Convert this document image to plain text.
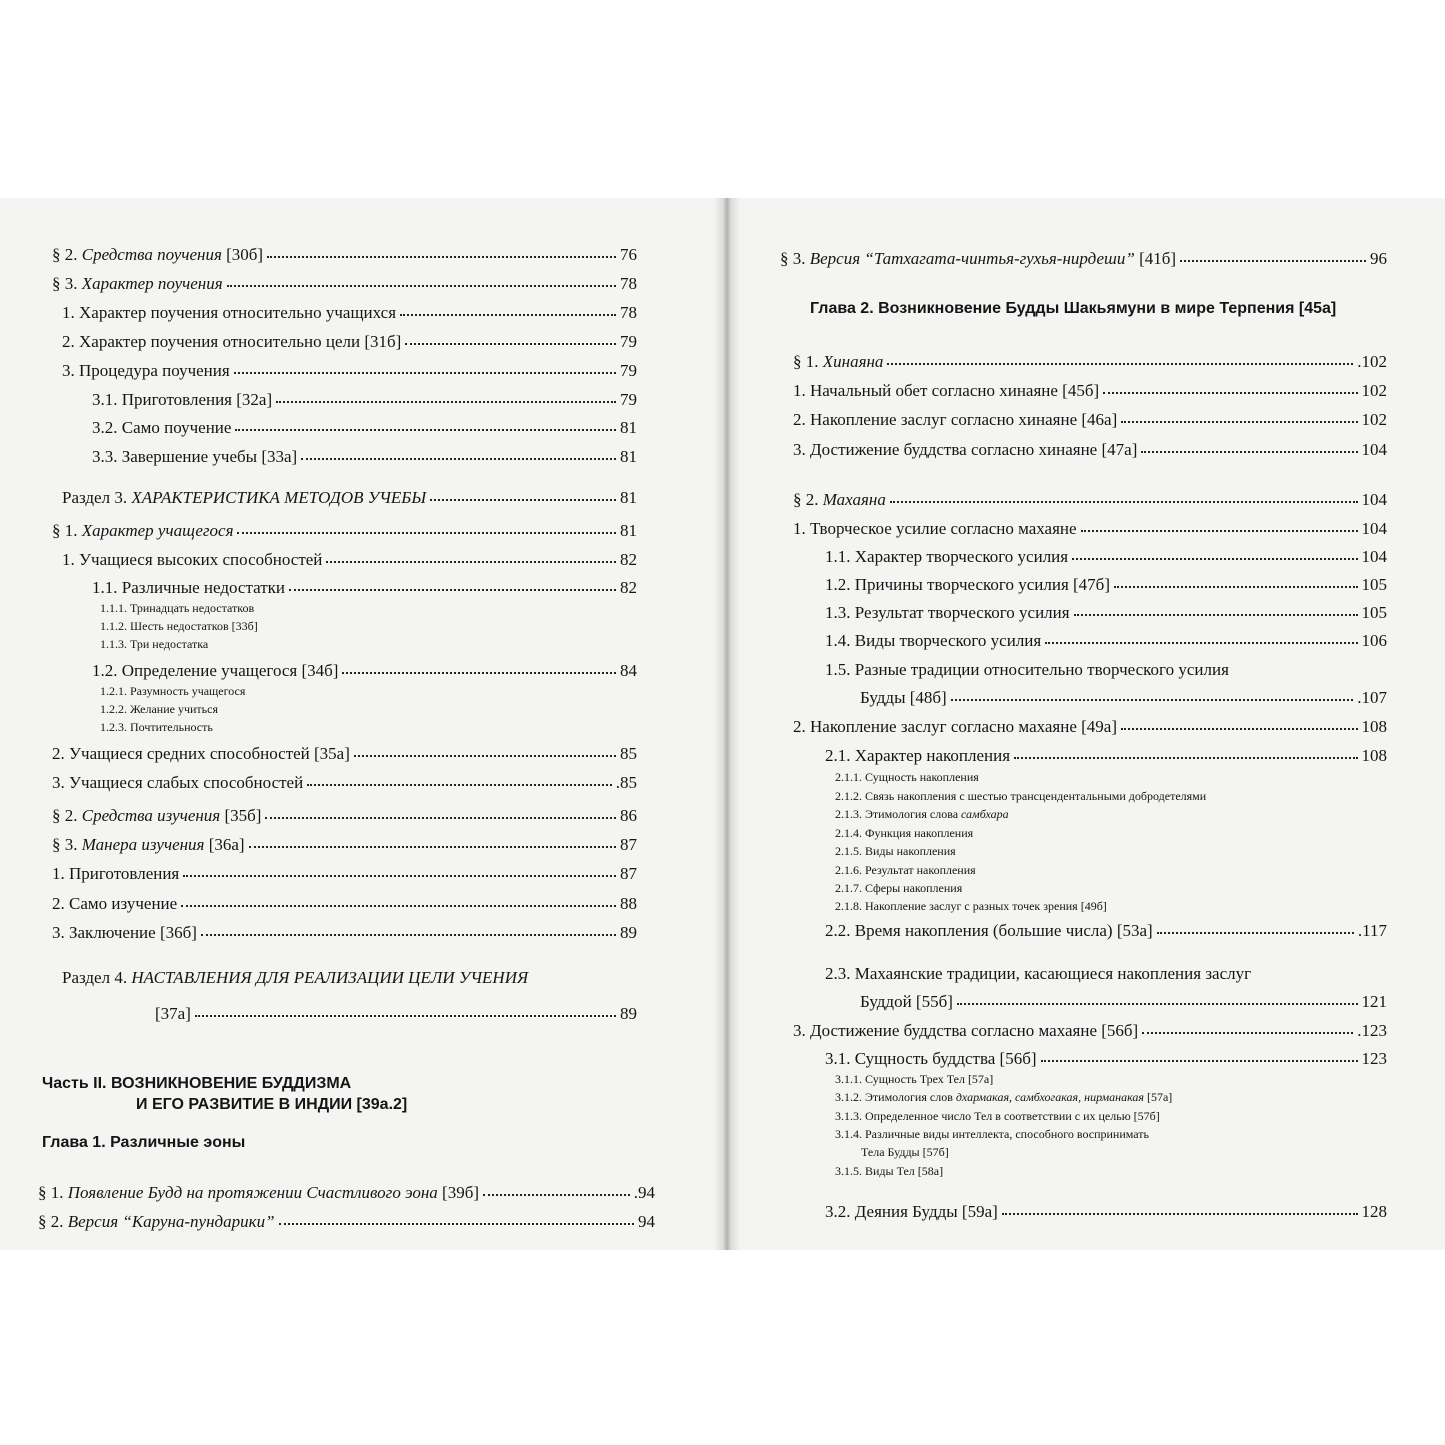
§ 2. Средства поучения [30б]	76
§ 3. Характер поучения	78
1. Характер поучения относительно учащихся	78
2. Характер поучения относительно цели [31б]	79
3. Процедура поучения	79
3.1. Приготовления [32а]	79
3.2. Само поучение	81
3.3. Завершение учебы [33а]	81
Раздел 3. ХАРАКТЕРИСТИКА МЕТОДОВ УЧЕБЫ	81
§ 1. Характер учащегося	81
1. Учащиеся высоких способностей	82
1.1. Различные недостатки	82
1.1.1. Тринадцать недостатков
1.1.2. Шесть недостатков [33б]
1.1.3. Три недостатка
1.2. Определение учащегося [34б]	84
1.2.1. Разумность учащегося
1.2.2. Желание учиться
1.2.3. Почтительность
2. Учащиеся средних способностей [35а]	85
3. Учащиеся слабых способностей	.85
§ 2. Средства изучения [35б]	86
§ 3. Манера изучения [36а]	87
1. Приготовления	87
2. Само изучение	88
3. Заключение [36б]	89
Раздел 4. НАСТАВЛЕНИЯ ДЛЯ РЕАЛИЗАЦИИ ЦЕЛИ УЧЕНИЯ
[37а]	89
§ 1. Появление Будд на протяжении Счастливого эона [39б]	.94
§ 2. Версия “Каруна-пундарики”	94
Часть II. ВОЗНИКНОВЕНИЕ БУДДИЗМА
И ЕГО РАЗВИТИЕ В ИНДИИ [39а.2]
Глава 1. Различные эоны
§ 3. Версия “Татхагата-чинтья-гухья-нирдеши” [41б]	96
§ 1. Хинаяна	.102
1. Начальный обет согласно хинаяне [45б]	102
2. Накопление заслуг согласно хинаяне [46а]	102
3. Достижение буддства согласно хинаяне [47а]	104
§ 2. Махаяна	104
1. Творческое усилие согласно махаяне	104
1.1. Характер творческого усилия	104
1.2. Причины творческого усилия [47б]	105
1.3. Результат творческого усилия	105
1.4. Виды творческого усилия	106
1.5. Разные традиции относительно творческого усилия
Будды [48б]	.107
2. Накопление заслуг согласно махаяне [49а]	108
2.1. Характер накопления	108
2.1.1. Сущность накопления
2.1.2. Связь накопления с шестью трансцендентальными добродетелями
2.1.3. Этимология слова самбхара
2.1.4. Функция накопления
2.1.5. Виды накопления
2.1.6. Результат накопления
2.1.7. Сферы накопления
2.1.8. Накопление заслуг с разных точек зрения [49б]
2.2. Время накопления (большие числа) [53а]	.117
2.3. Махаянские традиции, касающиеся накопления заслуг
Буддой [55б]	121
3. Достижение буддства согласно махаяне [56б]	.123
3.1. Сущность буддства [56б]	123
3.1.1. Сущность Трех Тел [57а]
3.1.2. Этимология слов дхармакая, самбхогакая, нирманакая [57а]
3.1.3. Определенное число Тел в соответствии с их целью [57б]
3.1.4. Различные виды интеллекта, способного воспринимать
Тела Будды [57б]
3.1.5. Виды Тел [58а]
3.2. Деяния Будды [59а]	128
Глава 2. Возникновение Будды Шакьямуни в мире Терпения [45а]
